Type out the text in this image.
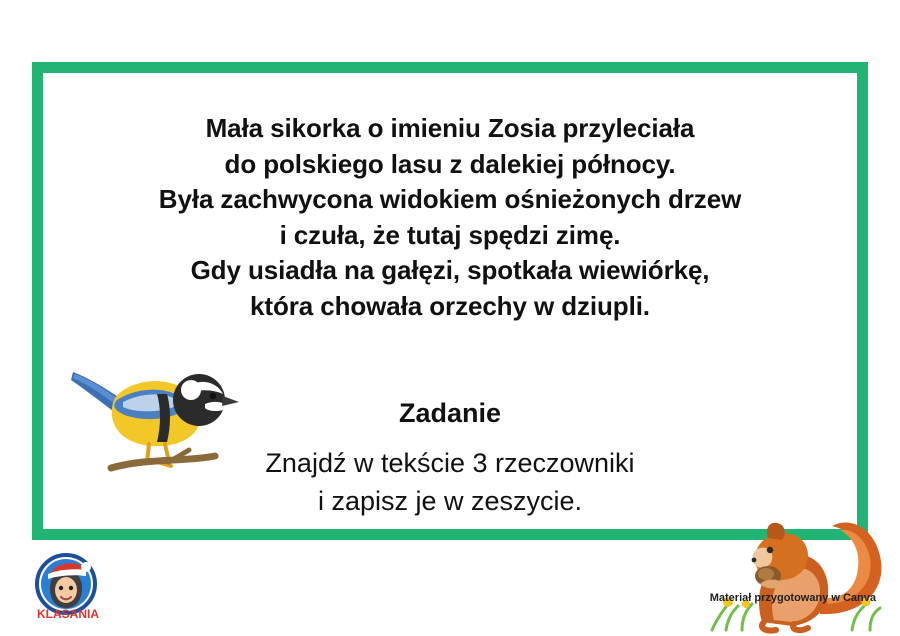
Mała sikorka o imieniu Zosia przyleciała
do polskiego lasu z dalekiej północy.
Była zachwycona widokiem ośnieżonych drzew
i czuła, że tutaj spędzi zimę.
Gdy usiadła na gałęzi, spotkała wiewiórkę,
która chowała orzechy w dziupli.
Zadanie
Znajdź w tekście 3 rzeczowniki
i zapisz je w zeszycie.
KLASANIA
Materiał przygotowany w Canva
